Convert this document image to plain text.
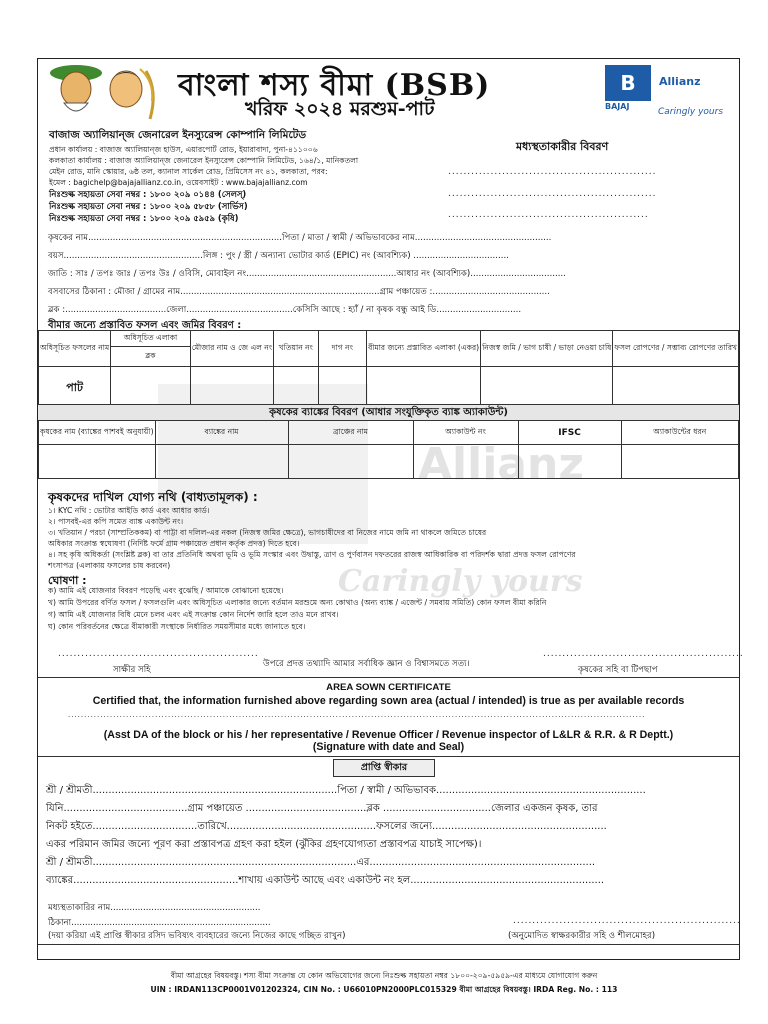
Allianz
Caringly yours
বাংলা শস্য বীমা (BSB)
খরিফ ২০২৪ মরশুম-পাট
B
BAJAJ
Allianz
Caringly yours
বাজাজ অ্যালিয়ান্‌জ জেনারেল ইনস্যুরেন্স কোম্পানি লিমিটেড
প্রধান কার্যালয় : বাজাজ অ্যালিয়ান্‌জ হাউস, এয়ারপোর্ট রোড, ইয়ারাবাদা, পুনা-৪১১০০৬
কলকাতা কার্যালয় : বাজাজ অ্যালিয়ান্‌জ জেনারেল ইনস্যুরেন্স কোম্পানি লিমিটেড, ১৬৪/১, মানিকতলা
মেইন রোড, মানি স্কোয়ার, ৬ষ্ঠ তল, ক্যানাল সার্কেল রোড, প্রিমিসেস নং ৪১, কলকাতা, পরব:
ইমেল : bagichelp@bajajallianz.co.in, ওয়েবসাইট : www.bajajallianz.com
নিঃশুল্ক সহায়তা সেবা নম্বর : ১৮০০ ২০৯ ০১৪৪ (সেলস্‌)
নিঃশুল্ক সহায়তা সেবা নম্বর : ১৮০০ ২০৯ ৫৮৫৮ (সার্ভিস)
নিঃশুল্ক সহায়তা সেবা নম্বর : ১৮০০ ২০৯ ৫৯৫৯ (কৃষি)
মধ্যস্থতাকারীর বিবরণ
......................................................
......................................................
....................................................
কৃষকের নাম.......................................................................পিতা / মাতা / স্বামী / অভিভাবকের নাম..................................................
বয়স...................................................লিঙ্গ : পুং / স্ত্রী / অন্যান্য ভোটার কার্ড (EPIC) নং (আবশ্যিক) ...................................
জাতি : সাঃ / তপঃ জাঃ / তপঃ উঃ / ওবিসি, মোবাইল নং.......................................................আধার নং (আবশ্যিক)...................................
বসবাসের ঠিকানা : মৌজা / গ্রামের নাম.........................................................................গ্রাম পঞ্চায়েত :...........................................
ব্লক :.....................................জেলা.......................................কেসিসি আছে : হ্যাঁ / না কৃষক বন্ধু আই ডি...............................
বীমার জন্যে প্রস্তাবিত ফসল এবং জমির বিবরণ :
অধিসূচিত ফসলের নাম	অধিসূচিত এলাকা	মৌজার নাম ও জে এল নং	খতিয়ান নং	দাগ নং	বীমার জন্যে প্রস্তাবিত এলাকা (একর)	নিজস্ব জমি / ভাগ চাষী / ভাড়া নেওয়া চাষি	ফসল রোপণের / সম্ভাব্য রোপণের তারিখ
	ব্লক						
পাট							
কৃষকের ব্যাঙ্কের বিবরণ (আধার সংযুক্তিকৃত ব্যাঙ্ক অ্যাকাউন্ট)
কৃষকের নাম (ব্যাঙ্কের পাশবই অনুযায়ী)	ব্যাঙ্কের নাম	ব্রাঞ্চের নাম	অ্যাকাউন্ট নং	IFSC	অ্যাকাউন্টের ধরন

কৃষকদের দাখিল যোগ্য নথি (বাধ্যতামূলক) :
১। KYC নথি : ভোটার আইডি কার্ড এবং আধার কার্ড।
২। পাসবই-এর কপি সমেত ব্যাঙ্ক একাউন্ট নং।
৩। খতিয়ান / পরচা (সাম্প্রতিককম) বা পাট্টা বা দলিল-এর নকল (নিজস্ব জমির ক্ষেত্রে), ভাগচাষীদের বা নিজের নামে জমি না থাকলে জমিতে চাষের
অধিকার সংক্রান্ত স্বঘোষণা (নির্দিষ্ট ফর্মে গ্রাম পঞ্চায়েত প্রধান কর্তৃক প্রদত্ত) দিতে হবে।
৪। সহ কৃষি অধিকর্তা (সংশ্লিষ্ট ব্লক) বা তার প্রতিনিধি অথবা ভূমি ও ভূমি সংস্কার এবং উদ্বাস্তু, ত্রাণ ও পুর্ণবাসন দফতরের রাজস্ব আধিকারিক বা পরিদর্শক দ্বারা প্রদত্ত ফসল রোপণের
শংসাপত্র (এলাকায় ফসলের চাষ করবেন)
ঘোষণা :
ক) আমি এই যোজনার বিবরণ পড়েছি এবং বুঝেছি / আমাকে বোঝানো হয়েছে।
খ) আমি উপরের বর্ণিত ফসল / ফসলগুলি এবং অধিসূচিত এলাকার জন্যে বর্তমান মরশুমে অন্য কোথাও (অন্য ব্যাঙ্ক / এজেন্ট / সমবায় সমিতি) কোন ফসল বীমা করিনি
গ) আমি এই যোজনার বিধি মেনে চলব এবং এই সংক্রান্ত কোন নির্দেশ জারি হলে তাও মনে রাখব।
ঘ) কোন পরিবর্তনের ক্ষেত্রে বীমাকারী সংস্থাকে নির্ধারিত সময়সীমার মধ্যে জানাতে হবে।
....................................................	....................................................
সাক্ষীর সহি
উপরে প্রদত্ত তথ্যাদি আমার সর্বাধিক জ্ঞান ও বিশ্বাসমতে সত্য।
কৃষকের সহি বা টিপছাপ
AREA SOWN CERTIFICATE
Certified that, the information furnished above regarding sown area (actual / intended) is true as per available records
...................................................................................................................................................................................
(Asst DA of the block or his / her representative / Revenue Officer / Revenue inspector of L&LR & R.R. & R Deptt.)
(Signature with date and Seal)
প্রাপ্তি স্বীকার
শ্রী / শ্রীমতী.............................................................................পিতা / স্বামী / অভিভাবক..................................................................
যিনি.......................................গ্রাম পঞ্চায়েত ......................................ব্লক ..................................জেলার একজন কৃষক, তার
নিকট হইতে.................................তারিখে...............................................ফসলের জন্যে.......................................................
একর পরিমান জমির জন্যে পূরণ করা প্রস্তাবপত্র গ্রহণ করা হইল (ঝুঁকির গ্রহণযোগ্যতা প্রস্তাবপত্র যাচাই সাপেক্ষ)।
শ্রী / শ্রীমতী...................................................................................এর.......................................................................
ব্যাঙ্কের....................................................শাখায় একাউন্ট আছে এবং একাউন্ট নং হল.............................................................
মধ্যস্থতাকারির নাম.......................................................
ঠিকানা.........................................................................	...........................................................
(দয়া করিয়া এই প্রাপ্তি স্বীকার রসিদ ভবিষ্যৎ ব্যবহারের জন্যে নিজের কাছে গচ্ছিত রাখুন)	(অনুমোদিত স্বাক্ষরকারীর সহি ও শীলমোহর)
বীমা আগ্রহের বিষয়বস্তু। শস্য বীমা সংক্রান্ত যে কোন অভিযোগের জন্যে নিঃশুল্ক সহায়তা নম্বর ১৮০০-২০৯-৫৯৫৯-এর মাধ্যমে যোগাযোগ করুন
UIN : IRDAN113CP0001V01202324, CIN No. : U66010PN2000PLC015329 বীমা আগ্রহের বিষয়বস্তু। IRDA Reg. No. : 113
